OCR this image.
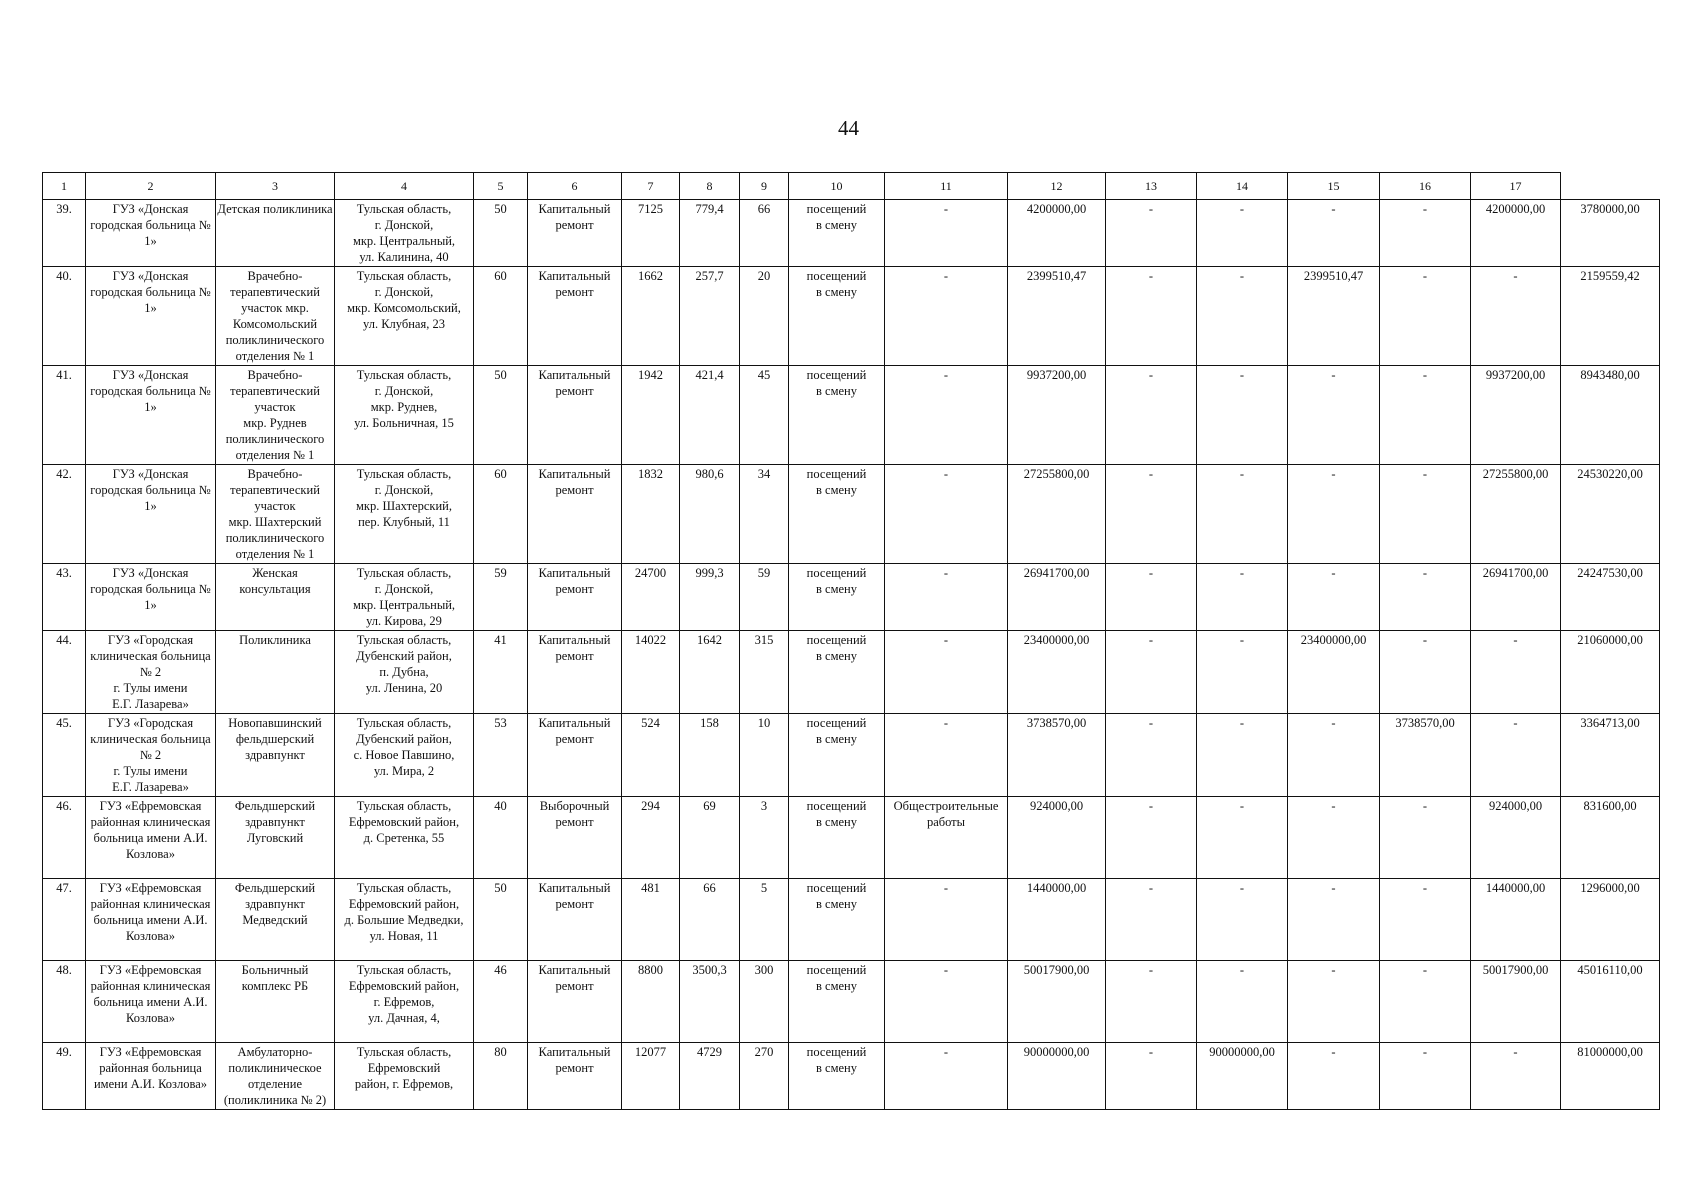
44
1	2	3	4	5	6	7	8	9	10	11	12	13	14	15	16	17	
39.	ГУЗ «Донская городская больница № 1»	Детская поликлиника	Тульская область,
г. Донской,
мкр. Центральный,
ул. Калинина, 40	50	Капитальный ремонт	7125	779,4	66	посещений
в смену	-	4200000,00	-	-	-	-	4200000,00	3780000,00
40.	ГУЗ «Донская городская больница № 1»	Врачебно-терапевтический участок мкр. Комсомольский поликлинического отделения № 1	Тульская область,
г. Донской,
мкр. Комсомольский,
ул. Клубная, 23	60	Капитальный ремонт	1662	257,7	20	посещений
в смену	-	2399510,47	-	-	2399510,47	-	-	2159559,42
41.	ГУЗ «Донская городская больница № 1»	Врачебно-терапевтический участок
мкр. Руднев поликлинического отделения № 1	Тульская область,
г. Донской,
мкр. Руднев,
ул. Больничная, 15	50	Капитальный ремонт	1942	421,4	45	посещений
в смену	-	9937200,00	-	-	-	-	9937200,00	8943480,00
42.	ГУЗ «Донская городская больница № 1»	Врачебно-терапевтический участок
мкр. Шахтерский поликлинического отделения № 1	Тульская область,
г. Донской,
мкр. Шахтерский,
пер. Клубный, 11	60	Капитальный ремонт	1832	980,6	34	посещений
в смену	-	27255800,00	-	-	-	-	27255800,00	24530220,00
43.	ГУЗ «Донская городская больница № 1»	Женская консультация	Тульская область,
г. Донской,
мкр. Центральный,
ул. Кирова, 29	59	Капитальный ремонт	24700	999,3	59	посещений
в смену	-	26941700,00	-	-	-	-	26941700,00	24247530,00
44.	ГУЗ «Городская клиническая больница № 2
г. Тулы имени
Е.Г. Лазарева»	Поликлиника	Тульская область,
Дубенский район,
п. Дубна,
ул. Ленина, 20	41	Капитальный ремонт	14022	1642	315	посещений
в смену	-	23400000,00	-	-	23400000,00	-	-	21060000,00
45.	ГУЗ «Городская клиническая больница № 2
г. Тулы имени
Е.Г. Лазарева»	Новопавшинский фельдшерский здравпункт	Тульская область,
Дубенский район,
с. Новое Павшино,
ул. Мира, 2	53	Капитальный ремонт	524	158	10	посещений
в смену	-	3738570,00	-	-	-	3738570,00	-	3364713,00
46.	ГУЗ «Ефремовская районная клиническая больница имени А.И. Козлова»	Фельдшерский здравпункт Луговский	Тульская область,
Ефремовский район,
д. Сретенка, 55	40	Выборочный ремонт	294	69	3	посещений
в смену	Общестроительные работы	924000,00	-	-	-	-	924000,00	831600,00
47.	ГУЗ «Ефремовская районная клиническая больница имени А.И. Козлова»	Фельдшерский здравпункт Медведский	Тульская область,
Ефремовский район,
д. Большие Медведки,
ул. Новая, 11	50	Капитальный ремонт	481	66	5	посещений
в смену	-	1440000,00	-	-	-	-	1440000,00	1296000,00
48.	ГУЗ «Ефремовская районная клиническая больница имени А.И. Козлова»	Больничный комплекс РБ	Тульская область,
Ефремовский район,
г. Ефремов,
ул. Дачная, 4,	46	Капитальный ремонт	8800	3500,3	300	посещений
в смену	-	50017900,00	-	-	-	-	50017900,00	45016110,00
49.	ГУЗ «Ефремовская районная больница имени А.И. Козлова»	Амбулаторно-поликлиническое отделение (поликлиника № 2)	Тульская область,
Ефремовский
район, г. Ефремов,	80	Капитальный ремонт	12077	4729	270	посещений
в смену	-	90000000,00	-	90000000,00	-	-	-	81000000,00
